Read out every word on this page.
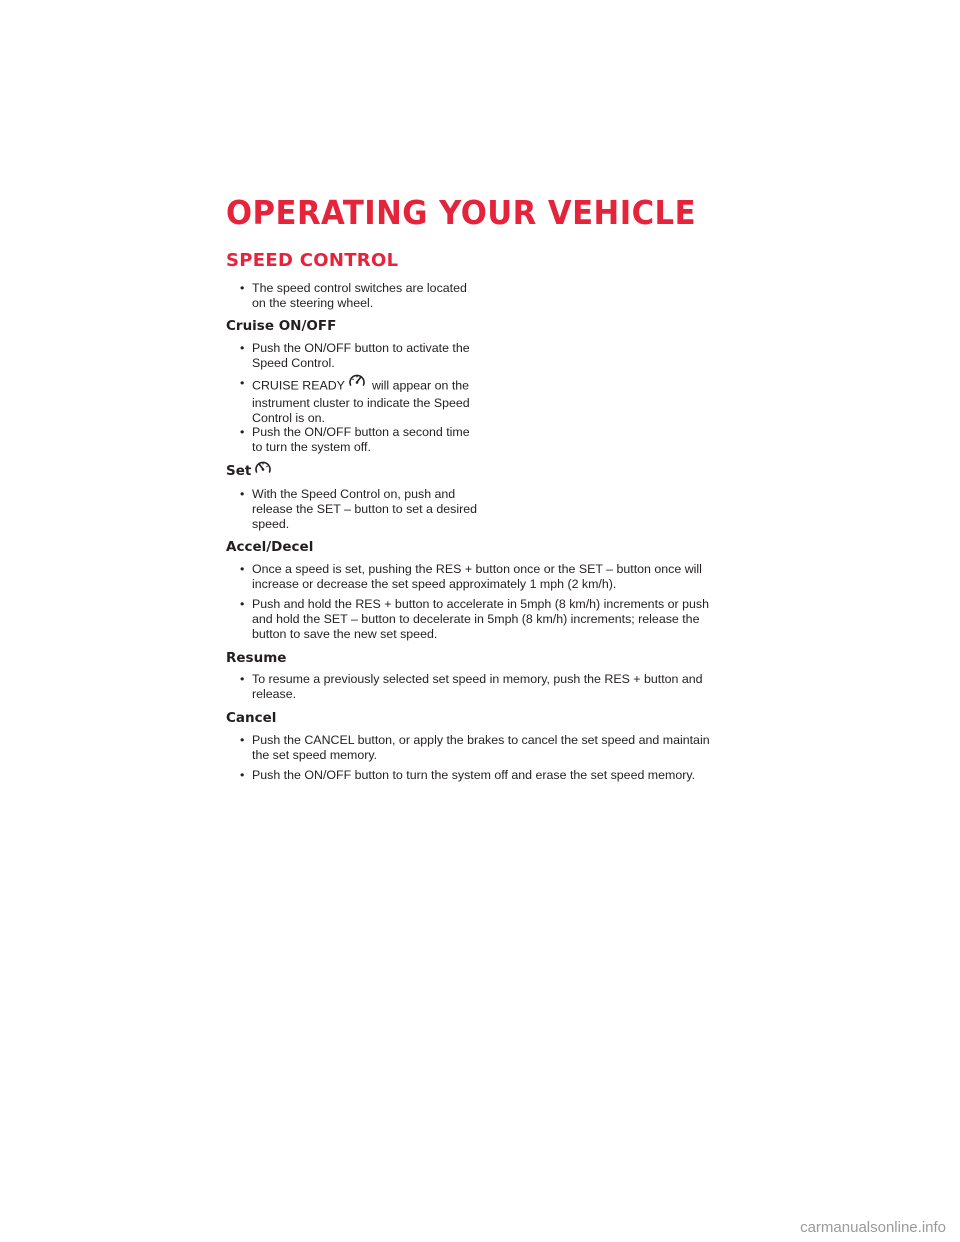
OPERATING YOUR VEHICLE
SPEED CONTROL
• The speed control switches are located on the steering wheel.
Cruise ON/OFF
• Push the ON/OFF button to activate the Speed Control.
• CRUISE READY will appear on the instrument cluster to indicate the Speed Control is on.
• Push the ON/OFF button a second time to turn the system off.
Set
• With the Speed Control on, push and release the SET – button to set a desired speed.
Accel/Decel
• Once a speed is set, pushing the RES + button once or the SET – button once will increase or decrease the set speed approximately 1 mph (2 km/h).
• Push and hold the RES + button to accelerate in 5mph (8 km/h) increments or push and hold the SET – button to decelerate in 5mph (8 km/h) increments; release the button to save the new set speed.
Resume
• To resume a previously selected set speed in memory, push the RES + button and release.
Cancel
• Push the CANCEL button, or apply the brakes to cancel the set speed and maintain the set speed memory.
• Push the ON/OFF button to turn the system off and erase the set speed memory.
carmanualsonline.info
